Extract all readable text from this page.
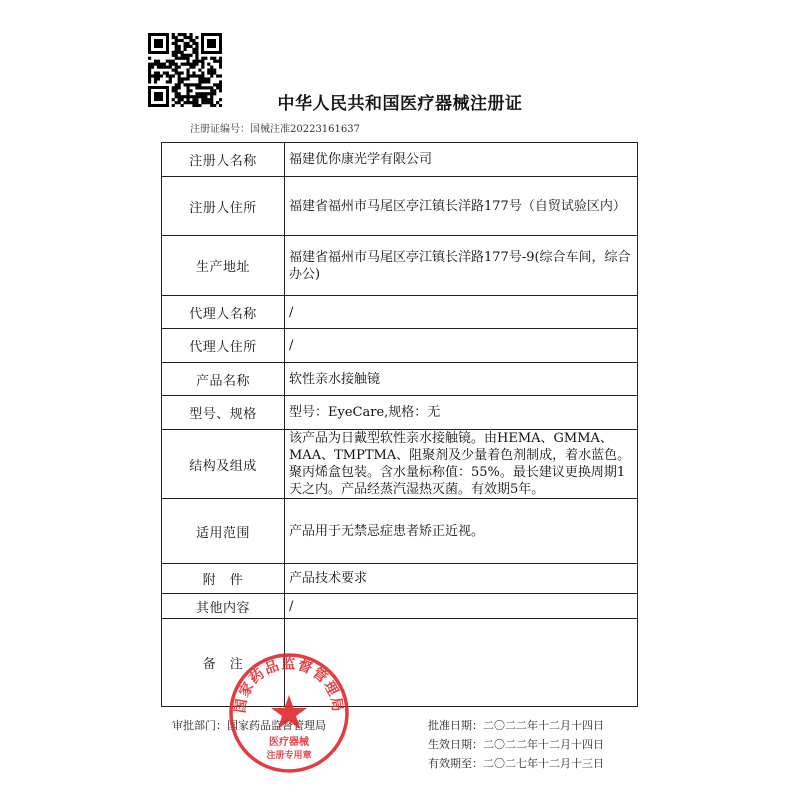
中华人民共和国医疗器械注册证
注册证编号：国械注准20223161637
注册人名称	福建优你康光学有限公司
注册人住所	福建省福州市马尾区亭江镇长洋路177号（自贸试验区内）
生产地址	福建省福州市马尾区亭江镇长洋路177号-9(综合车间，综合办公)
代理人名称	/
代理人住所	/
产品名称	软性亲水接触镜
型号、规格	型号：EyeCare,规格：无
结构及组成	该产品为日戴型软性亲水接触镜。由HEMA、GMMA、MAA、TMPTMA、阻聚剂及少量着色剂制成，着水蓝色。聚丙烯盒包装。含水量标称值：55%。最长建议更换周期1天之内。产品经蒸汽湿热灭菌。有效期5年。
适用范围	产品用于无禁忌症患者矫正近视。
附　件	产品技术要求
其他内容	/
备　注	
审批部门：国家药品监督管理局	批准日期：二〇二二年十二月十四日
生效日期：二〇二二年十二月十四日
有效期至：二〇二七年十二月十三日
国家药品监督管理局
医疗器械
注册专用章
